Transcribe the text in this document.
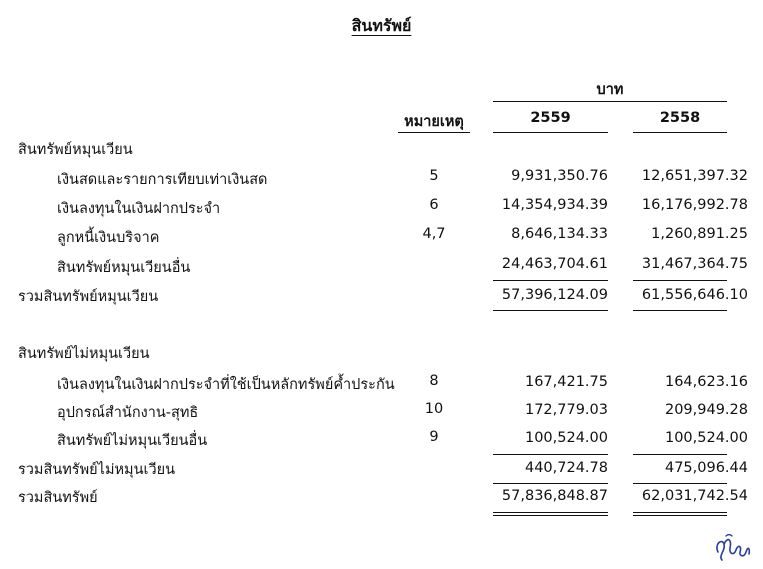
สินทรัพย์
บาท
หมายเหตุ	2559	2558
สินทรัพย์หมุนเวียน
เงินสดและรายการเทียบเท่าเงินสด	5	9,931,350.76 12,651,397.32
เงินลงทุนในเงินฝากประจำ	6	14,354,934.39 16,176,992.78
ลูกหนี้เงินบริจาค	4,7	8,646,134.33	1,260,891.25
สินทรัพย์หมุนเวียนอื่น	24,463,704.61 31,467,364.75
รวมสินทรัพย์หมุนเวียน	57,396,124.09 61,556,646.10
สินทรัพย์ไม่หมุนเวียน
เงินลงทุนในเงินฝากประจำที่ใช้เป็นหลักทรัพย์ค้ำประกัน	8	167,421.75	164,623.16
อุปกรณ์สำนักงาน-สุทธิ	10	172,779.03	209,949.28
สินทรัพย์ไม่หมุนเวียนอื่น	9	100,524.00	100,524.00
รวมสินทรัพย์ไม่หมุนเวียน	440,724.78	475,096.44
รวมสินทรัพย์	57,836,848.87 62,031,742.54
